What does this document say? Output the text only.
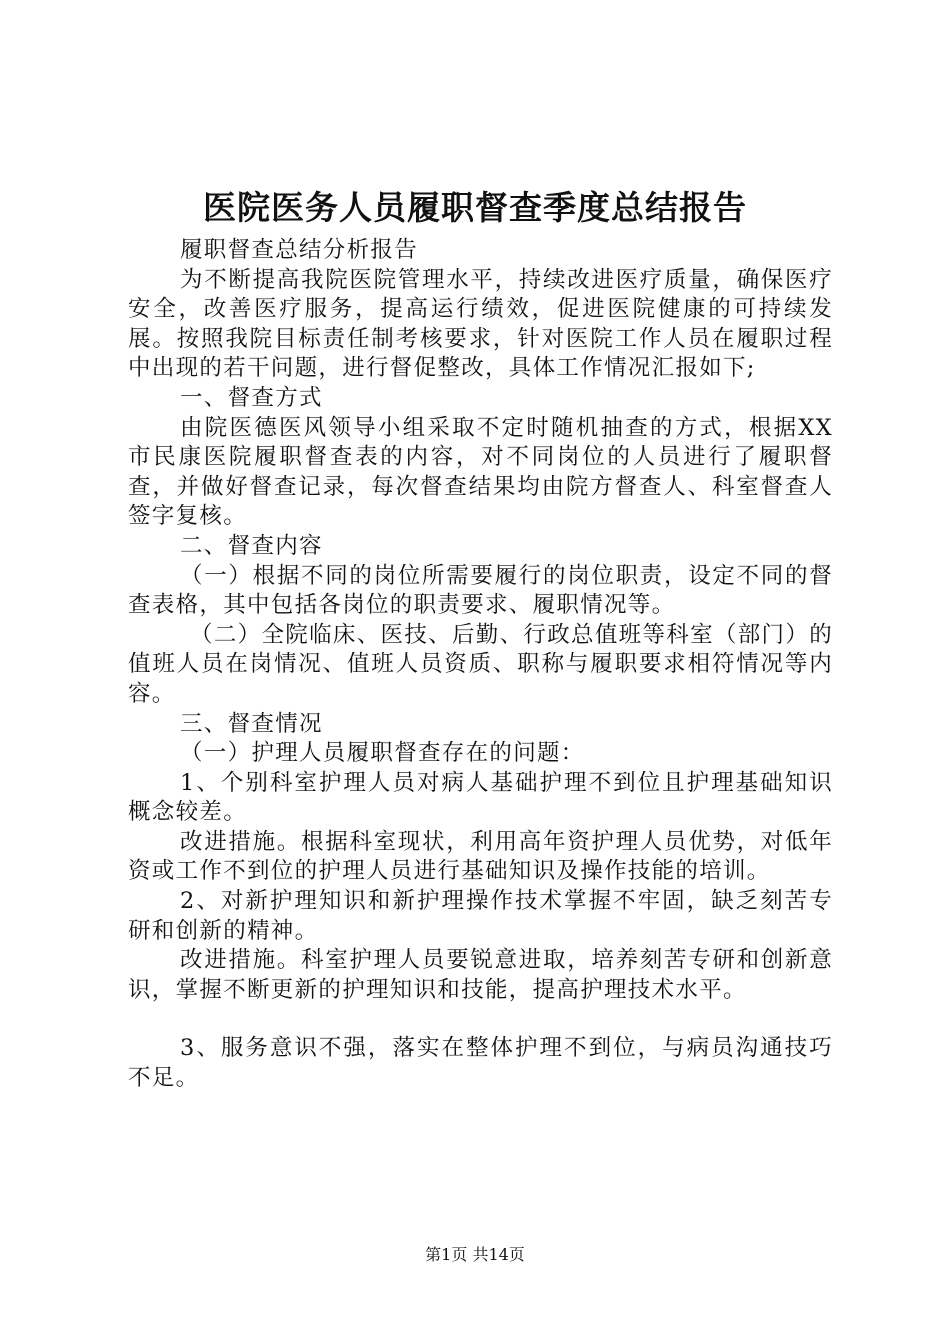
医院医务人员履职督查季度总结报告

履职督查总结分析报告

为不断提高我院医院管理水平，持续改进医疗质量，确保医疗安全，改善医疗服务，提高运行绩效，促进医院健康的可持续发展。按照我院目标责任制考核要求，针对医院工作人员在履职过程中出现的若干问题，进行督促整改，具体工作情况汇报如下;

一、督查方式

由院医德医风领导小组采取不定时随机抽查的方式，根据XX市民康医院履职督查表的内容，对不同岗位的人员进行了履职督查，并做好督查记录，每次督查结果均由院方督查人、科室督查人签字复核。

二、督查内容

（一）根据不同的岗位所需要履行的岗位职责，设定不同的督查表格，其中包括各岗位的职责要求、履职情况等。

（二）全院临床、医技、后勤、行政总值班等科室（部门）的值班人员在岗情况、值班人员资质、职称与履职要求相符情况等内容。

三、督查情况

（一）护理人员履职督查存在的问题：

1、个别科室护理人员对病人基础护理不到位且护理基础知识概念较差。

改进措施。根据科室现状，利用高年资护理人员优势，对低年资或工作不到位的护理人员进行基础知识及操作技能的培训。

2、对新护理知识和新护理操作技术掌握不牢固，缺乏刻苦专研和创新的精神。

改进措施。科室护理人员要锐意进取，培养刻苦专研和创新意识，掌握不断更新的护理知识和技能，提高护理技术水平。

3、服务意识不强，落实在整体护理不到位，与病员沟通技巧不足。

第1页 共14页
